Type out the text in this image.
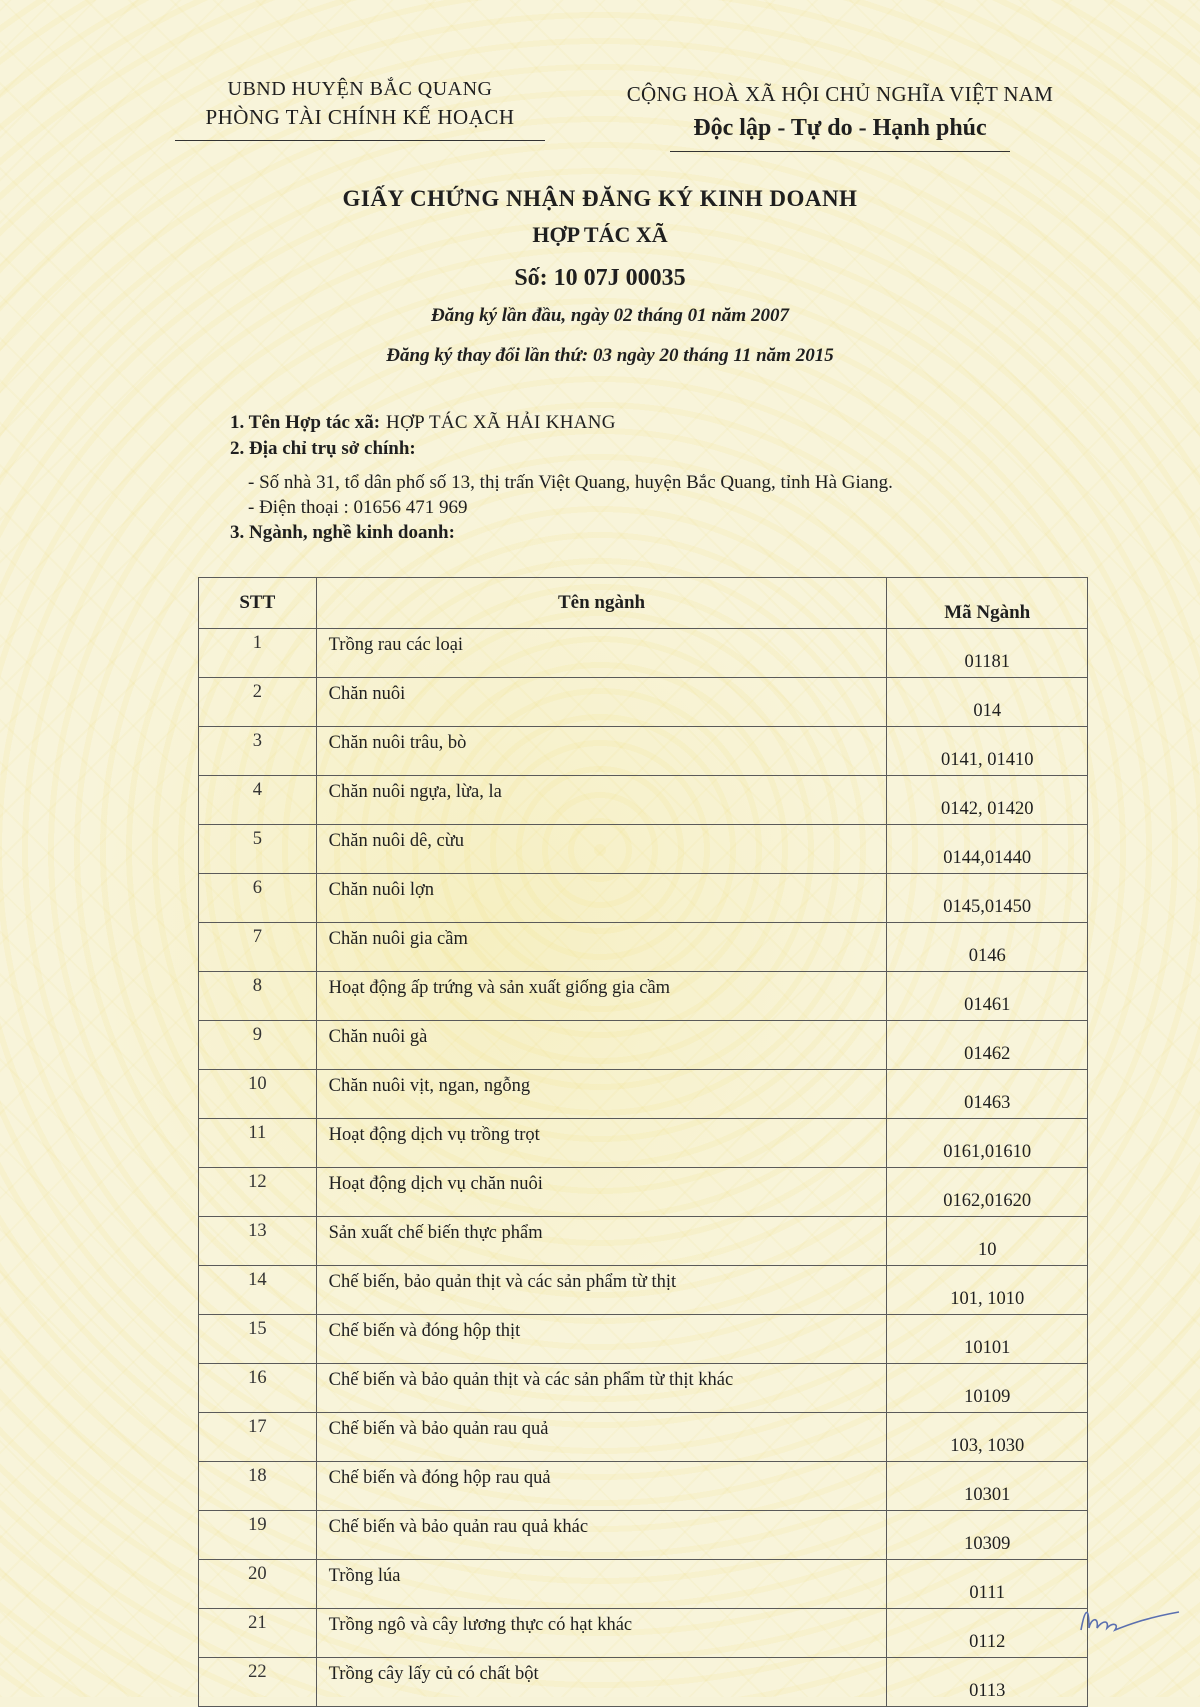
UBND HUYỆN BẮC QUANG
PHÒNG TÀI CHÍNH KẾ HOẠCH
CỘNG HOÀ XÃ HỘI CHỦ NGHĨA VIỆT NAM
Độc lập - Tự do - Hạnh phúc
GIẤY CHỨNG NHẬN ĐĂNG KÝ KINH DOANH
HỢP TÁC XÃ
Số: 10 07J 00035
Đăng ký lần đầu, ngày 02 tháng 01 năm 2007
Đăng ký thay đổi lần thứ: 03 ngày 20 tháng 11 năm 2015
1. Tên Hợp tác xã: HỢP TÁC XÃ HẢI KHANG
2. Địa chỉ trụ sở chính:
- Số nhà 31, tổ dân phố số 13, thị trấn Việt Quang, huyện Bắc Quang, tỉnh Hà Giang.
- Điện thoại : 01656 471 969
3. Ngành, nghề kinh doanh:
STT	Tên ngành	Mã Ngành
1	Trồng rau các loại	01181
2	Chăn nuôi	014
3	Chăn nuôi trâu, bò	0141, 01410
4	Chăn nuôi ngựa, lừa, la	0142, 01420
5	Chăn nuôi dê, cừu	0144,01440
6	Chăn nuôi lợn	0145,01450
7	Chăn nuôi gia cầm	0146
8	Hoạt động ấp trứng và sản xuất giống gia cầm	01461
9	Chăn nuôi gà	01462
10	Chăn nuôi vịt, ngan, ngỗng	01463
11	Hoạt động dịch vụ trồng trọt	0161,01610
12	Hoạt động dịch vụ chăn nuôi	0162,01620
13	Sản xuất chế biến thực phẩm	10
14	Chế biến, bảo quản thịt và các sản phẩm từ thịt	101, 1010
15	Chế biến và đóng hộp thịt	10101
16	Chế biến và bảo quản thịt và các sản phẩm từ thịt khác	10109
17	Chế biến và bảo quản rau quả	103, 1030
18	Chế biến và đóng hộp rau quả	10301
19	Chế biến và bảo quản rau quả khác	10309
20	Trồng lúa	0111
21	Trồng ngô và cây lương thực có hạt khác	0112
22	Trồng cây lấy củ có chất bột	0113
